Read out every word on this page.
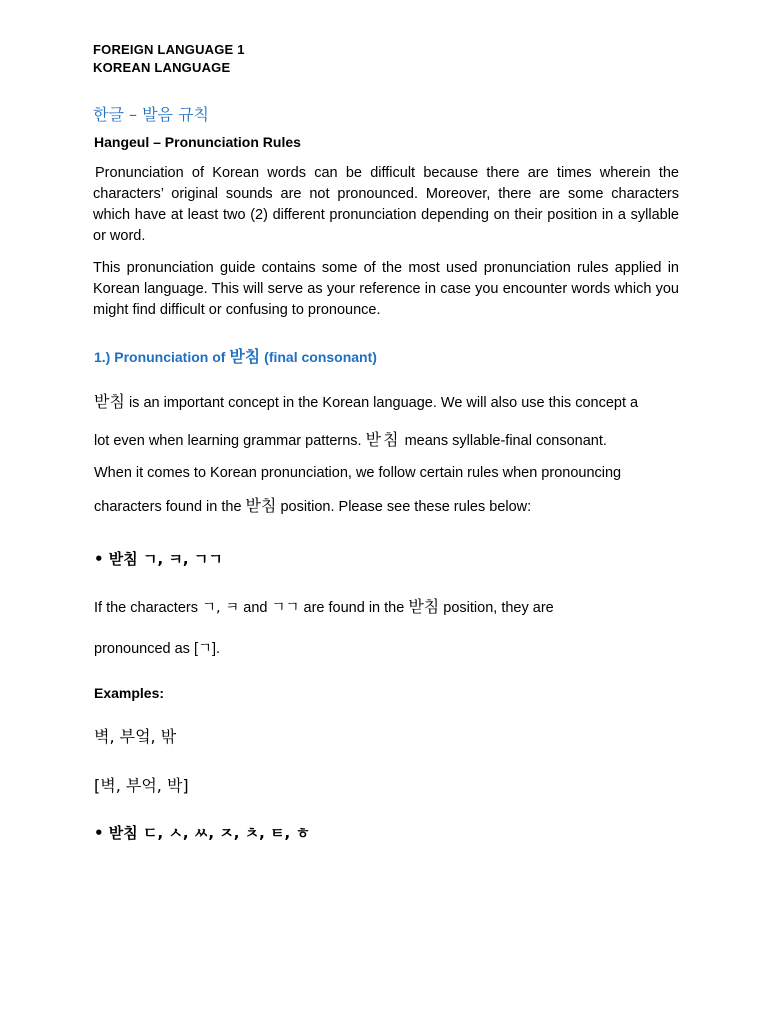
FOREIGN LANGUAGE 1
KOREAN LANGUAGE
한글 – 발음 규칙
Hangeul – Pronunciation Rules
Pronunciation of Korean words can be difficult because there are times wherein the characters’ original sounds are not pronounced. Moreover, there are some characters which have at least two (2) different pronunciation depending on their position in a syllable or word.
This pronunciation guide contains some of the most used pronunciation rules applied in Korean language. This will serve as your reference in case you encounter words which you might find difficult or confusing to pronounce.
1.) Pronunciation of 받침 (final consonant)
받침 is an important concept in the Korean language. We will also use this concept a
lot even when learning grammar patterns. 받침 means syllable-final consonant.
When it comes to Korean pronunciation, we follow certain rules when pronouncing
characters found in the 받침 position. Please see these rules below:
• 받침 ㄱ, ㅋ, ㄱㄱ
If the characters ㄱ, ㅋ and ㄱㄱ are found in the 받침 position, they are
pronounced as [ㄱ].
Examples:
벽, 부엌, 밖
[벽, 부억, 박]
• 받침 ㄷ, ㅅ, ㅆ, ㅈ, ㅊ, ㅌ, ㅎ
